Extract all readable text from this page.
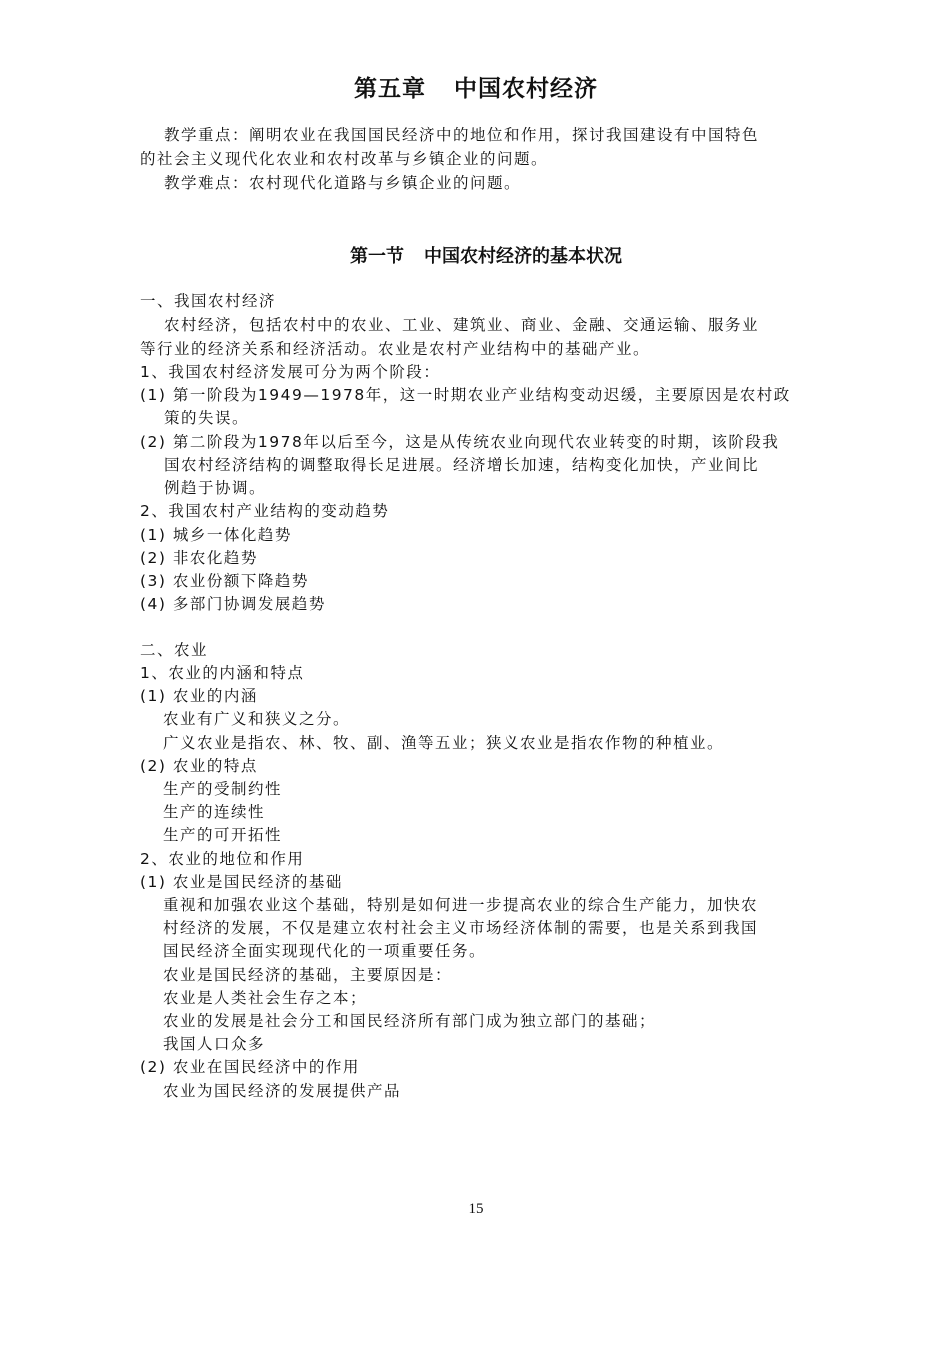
第五章 中国农村经济
教学重点：阐明农业在我国国民经济中的地位和作用，探讨我国建设有中国特色
的社会主义现代化农业和农村改革与乡镇企业的问题。
教学难点：农村现代化道路与乡镇企业的问题。
第一节 中国农村经济的基本状况
一、我国农村经济
农村经济，包括农村中的农业、工业、建筑业、商业、金融、交通运输、服务业
等行业的经济关系和经济活动。农业是农村产业结构中的基础产业。
1、我国农村经济发展可分为两个阶段：
(1) 第一阶段为1949—1978年，这一时期农业产业结构变动迟缓，主要原因是农村政
策的失误。
(2) 第二阶段为1978年以后至今，这是从传统农业向现代农业转变的时期，该阶段我
国农村经济结构的调整取得长足进展。经济增长加速，结构变化加快，产业间比
例趋于协调。
2、我国农村产业结构的变动趋势
(1) 城乡一体化趋势
(2) 非农化趋势
(3) 农业份额下降趋势
(4) 多部门协调发展趋势
二、农业
1、农业的内涵和特点
(1) 农业的内涵
农业有广义和狭义之分。
广义农业是指农、林、牧、副、渔等五业；狭义农业是指农作物的种植业。
(2) 农业的特点
生产的受制约性
生产的连续性
生产的可开拓性
2、农业的地位和作用
(1) 农业是国民经济的基础
重视和加强农业这个基础，特别是如何进一步提高农业的综合生产能力，加快农
村经济的发展，不仅是建立农村社会主义市场经济体制的需要，也是关系到我国
国民经济全面实现现代化的一项重要任务。
农业是国民经济的基础，主要原因是：
农业是人类社会生存之本；
农业的发展是社会分工和国民经济所有部门成为独立部门的基础；
我国人口众多
(2) 农业在国民经济中的作用
农业为国民经济的发展提供产品
15
